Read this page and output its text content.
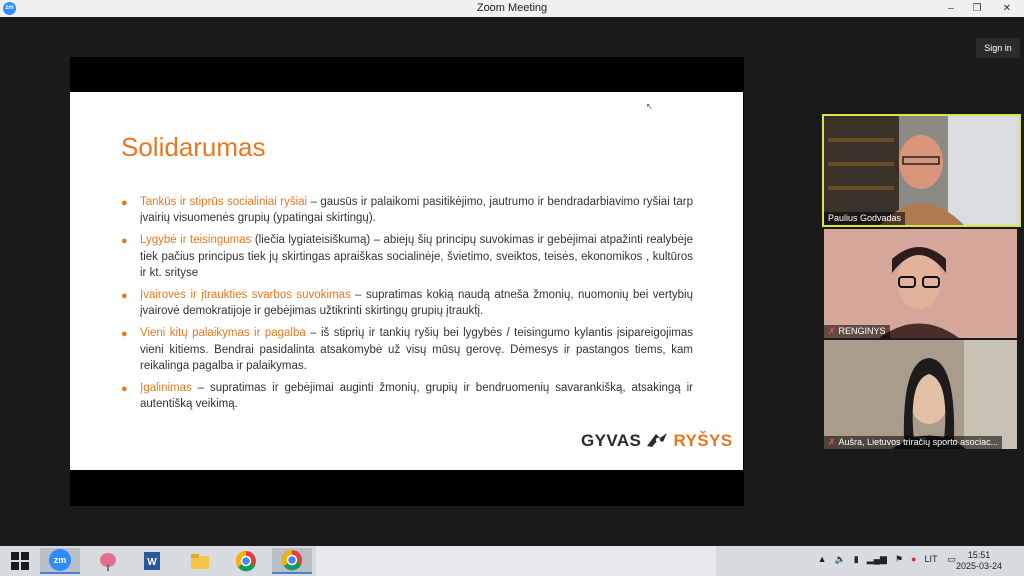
zm	Zoom Meeting	–	❐	✕
Sign in
↖
Solidarumas
● Tankūs ir stiprūs socialiniai ryšiai – gausūs ir palaikomi pasitikėjimo, jautrumo ir bendradarbiavimo ryšiai tarp įvairių visuomenės grupių (ypatingai skirtingų).
● Lygybė ir teisingumas (liečia lygiateisiškumą) – abiejų šių principų suvokimas ir gebėjimai atpažinti realybėje tiek pačius principus tiek jų skirtingas apraiškas socialinėje, švietimo, sveiktos, teisės, ekonomikos , kultūros ir kt. srityse
● Įvairovės ir įtraukties svarbos suvokimas – supratimas kokią naudą atneša žmonių, nuomonių bei vertybių įvairovė demokratijoje ir gebėjimas užtikrinti skirtingų grupių įtraukt́į.
● Vieni kitų palaikymas ir pagalba – iš stiprių ir tankių ryšių bei lygybės / teisingumo kylantis įsipareigojimas vieni kitiems. Bendrai pasidalinta atsakomybė už visų mūsų gerovę. Dėmesys ir pastangos tiems, kam reikalinga pagalba ir palaikymas.
● Įgalinimas – supratimas ir gebėjimai auginti žmonių, grupių ir bendruomenių savarankišką, atsakingą ir autentišką veikimą.
GYVAS RYŠYS
Paulius Godvadas
✗ RENGINYS
✗ Aušra, Lietuvos triračių sporto asociac...
zm	W	▲ 🔈 ▮ ▂▄▆ ⚑ ● LIT ▭	15:51
2025-03-24
